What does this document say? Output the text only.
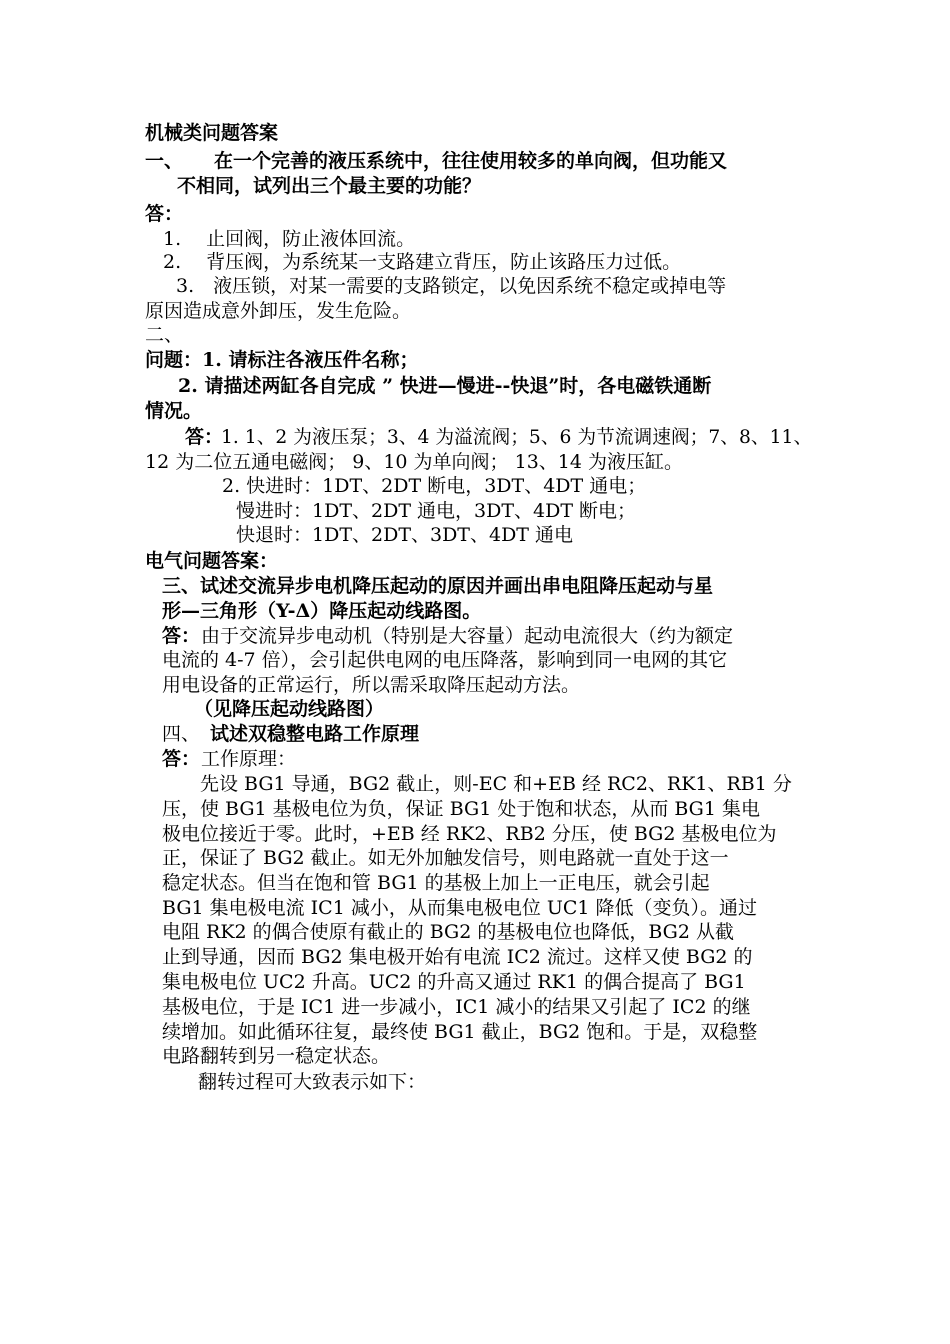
机械类问题答案
一、 在一个完善的液压系统中，往往使用较多的单向阀，但功能又
不相同，试列出三个最主要的功能？
答：
1.　 止回阀，防止液体回流。
2.　 背压阀，为系统某一支路建立背压，防止该路压力过低。
3.　液压锁，对某一需要的支路锁定，以免因系统不稳定或掉电等
原因造成意外卸压，发生危险。
二、
问题：1. 请标注各液压件名称；
2. 请描述两缸各自完成 ” 快进—慢进--快退”时，各电磁铁通断
情况。
答：
1. 1、2 为液压泵；3、4 为溢流阀；5、6 为节流调速阀；7、8、11、
12 为二位五通电磁阀； 9、10 为单向阀； 13、14 为液压缸。
2. 快进时：1DT、2DT 断电，3DT、4DT 通电；
慢进时：1DT、2DT 通电，3DT、4DT 断电；
快退时：1DT、2DT、3DT、4DT 通电
电气问题答案：
三、试述交流异步电机降压起动的原因并画出串电阻降压起动与星
形—三角形（Y-Δ）降压起动线路图。
答： 由于交流异步电动机（特别是大容量）起动电流很大（约为额定
电流的 4-7 倍），会引起供电网的电压降落，影响到同一电网的其它
用电设备的正常运行，所以需采取降压起动方法。
（见降压起动线路图）
四、 试述双稳整电路工作原理
答： 工作原理：
先设 BG1 导通，BG2 截止，则-EC 和+EB 经 RC2、RK1、RB1 分
压，使 BG1 基极电位为负，保证 BG1 处于饱和状态，从而 BG1 集电
极电位接近于零。此时，+EB 经 RK2、RB2 分压，使 BG2 基极电位为
正，保证了 BG2 截止。如无外加触发信号，则电路就一直处于这一
稳定状态。但当在饱和管 BG1 的基极上加上一正电压，就会引起
BG1 集电极电流 IC1 减小，从而集电极电位 UC1 降低（变负）。通过
电阻 RK2 的偶合使原有截止的 BG2 的基极电位也降低，BG2 从截
止到导通，因而 BG2 集电极开始有电流 IC2 流过。这样又使 BG2 的
集电极电位 UC2 升高。UC2 的升高又通过 RK1 的偶合提高了 BG1
基极电位，于是 IC1 进一步减小，IC1 减小的结果又引起了 IC2 的继
续增加。如此循环往复，最终使 BG1 截止，BG2 饱和。于是，双稳整
电路翻转到另一稳定状态。
翻转过程可大致表示如下：
